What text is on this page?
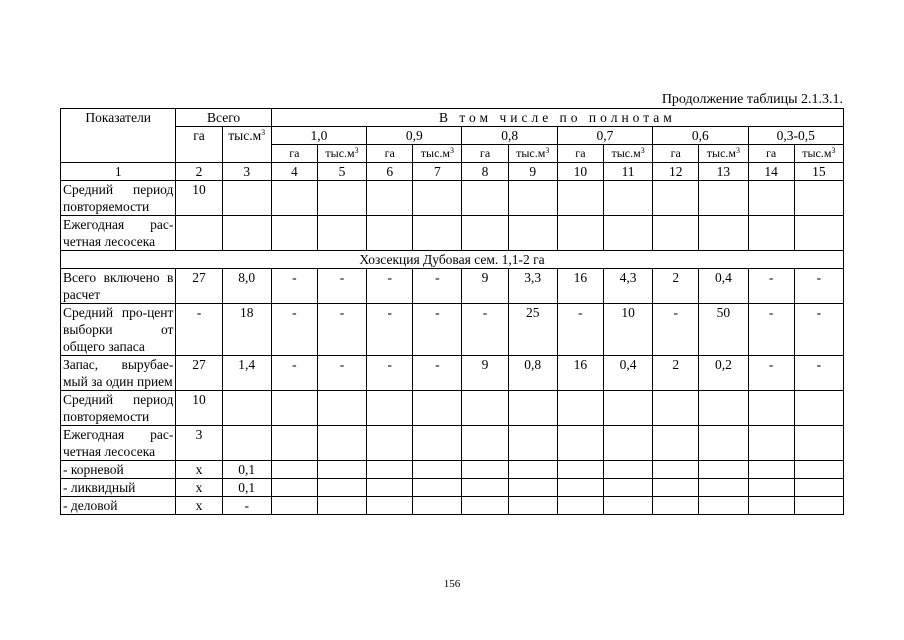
Продолжение таблицы 2.1.3.1.
Показатели	Всего		В том числе по полнотам											
	га	$тыс.м^3$	1,0		0,9		0,8		0,7		0,6		0,3-0,5	
			га	$тыс.м^3$	га	$тыс.м^3$	га	$тыс.м^3$	га	$тыс.м^3$	га	$тыс.м^3$	га	$тыс.м^3$
1	2	3	4	5	6	7	8	9	10	11	12	13	14	15
Средний период повторяемости	10													
Ежегодная рас-четная лесосека														
Хозсекция Дубовая сем. 1,1-2 га														
Всего включено в расчет	27	8,0	-	-	-	-	9	3,3	16	4,3	2	0,4	-	-
Средний про-цент выборки от общего запаса	-	18	-	-	-	-	-	25	-	10	-	50	-	-
Запас, вырубае-мый за один прием	27	1,4	-	-	-	-	9	0,8	16	0,4	2	0,2	-	-
Средний период повторяемости	10													
Ежегодная рас-четная лесосека	3													
- корневой	х	0,1												
- ликвидный	х	0,1												
- деловой	х	-												
156
